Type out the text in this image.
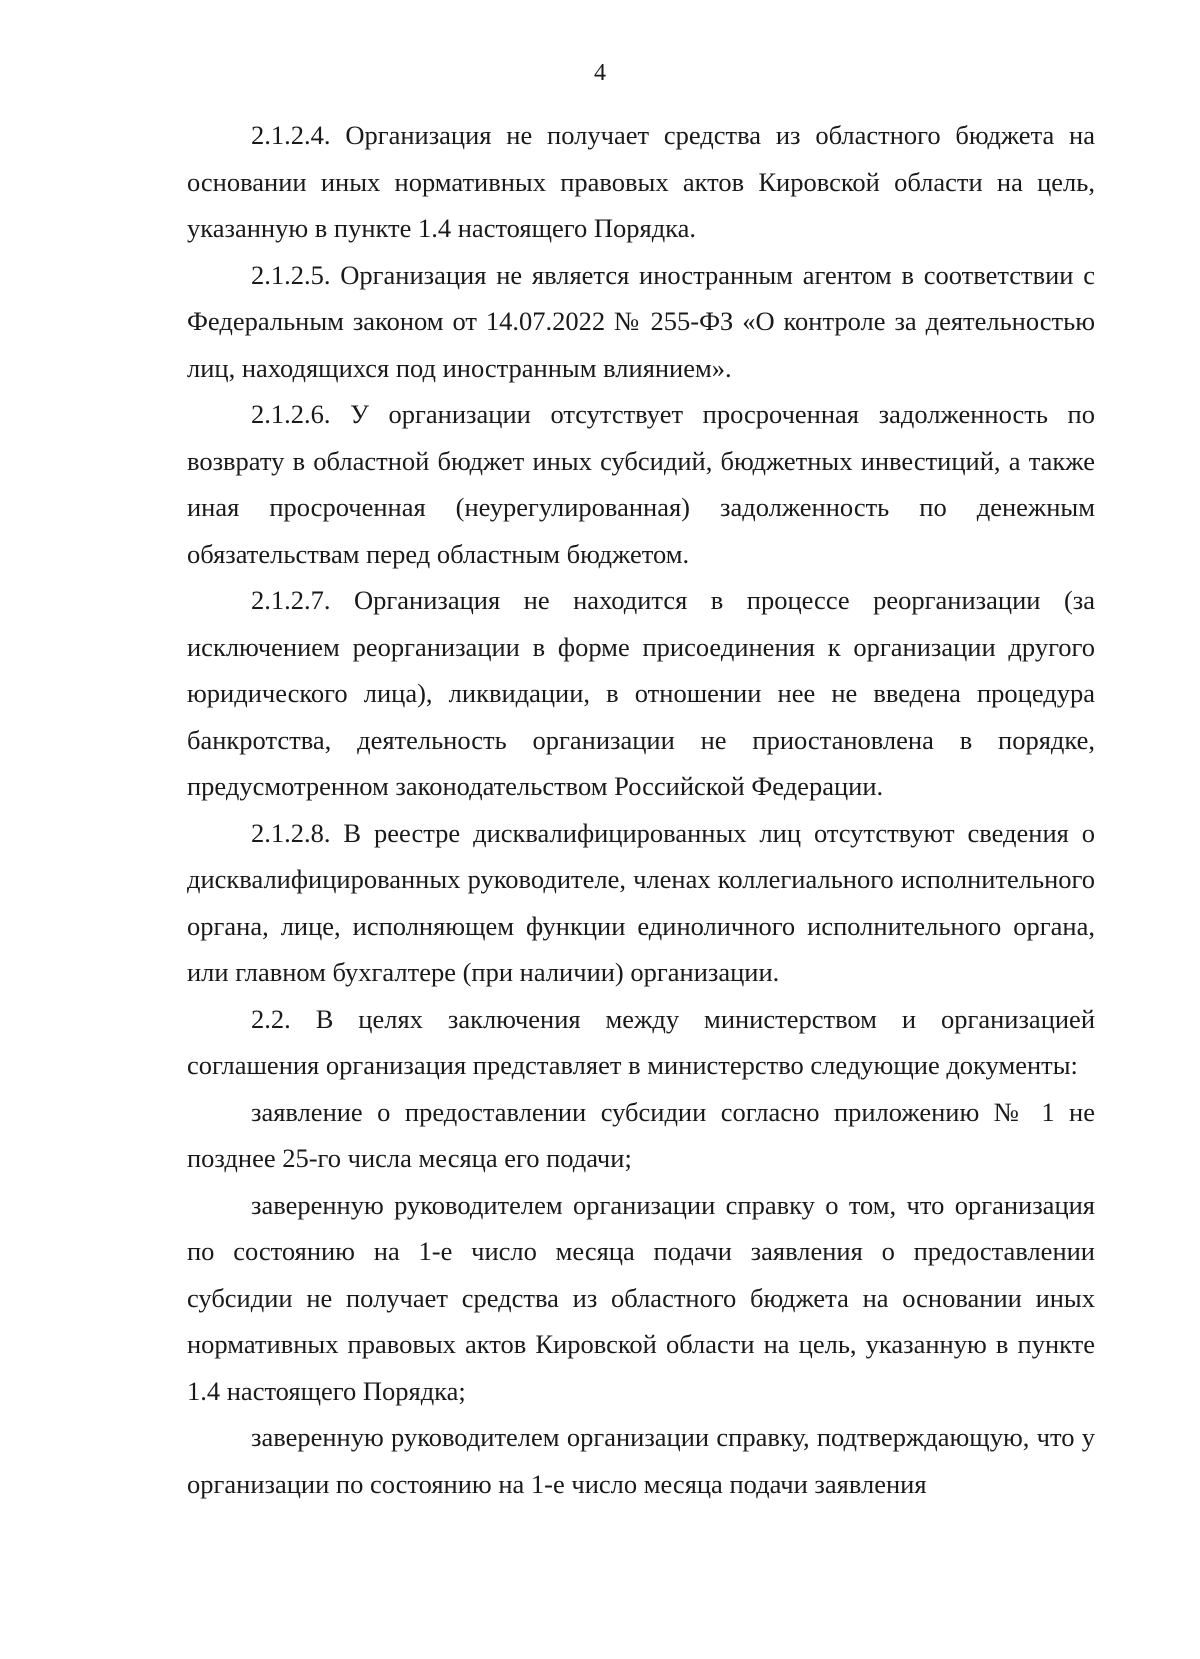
4

2.1.2.4. Организация не получает средства из областного бюджета на основании иных нормативных правовых актов Кировской области на цель, указанную в пункте 1.4 настоящего Порядка.

2.1.2.5. Организация не является иностранным агентом в соответствии с Федеральным законом от 14.07.2022 № 255-ФЗ «О контроле за деятельностью лиц, находящихся под иностранным влиянием».

2.1.2.6. У организации отсутствует просроченная задолженность по возврату в областной бюджет иных субсидий, бюджетных инвестиций, а также иная просроченная (неурегулированная) задолженность по денежным обязательствам перед областным бюджетом.

2.1.2.7. Организация не находится в процессе реорганизации (за исключением реорганизации в форме присоединения к организации другого юридического лица), ликвидации, в отношении нее не введена процедура банкротства, деятельность организации не приостановлена в порядке, предусмотренном законодательством Российской Федерации.

2.1.2.8. В реестре дисквалифицированных лиц отсутствуют сведения о дисквалифицированных руководителе, членах коллегиального исполнительного органа, лице, исполняющем функции единоличного исполнительного органа, или главном бухгалтере (при наличии) организации.

2.2. В целях заключения между министерством и организацией соглашения организация представляет в министерство следующие документы:

заявление о предоставлении субсидии согласно приложению № 1 не позднее 25-го числа месяца его подачи;

заверенную руководителем организации справку о том, что организация по состоянию на 1-е число месяца подачи заявления о предоставлении субсидии не получает средства из областного бюджета на основании иных нормативных правовых актов Кировской области на цель, указанную в пункте 1.4 настоящего Порядка;

заверенную руководителем организации справку, подтверждающую, что у организации по состоянию на 1-е число месяца подачи заявления
